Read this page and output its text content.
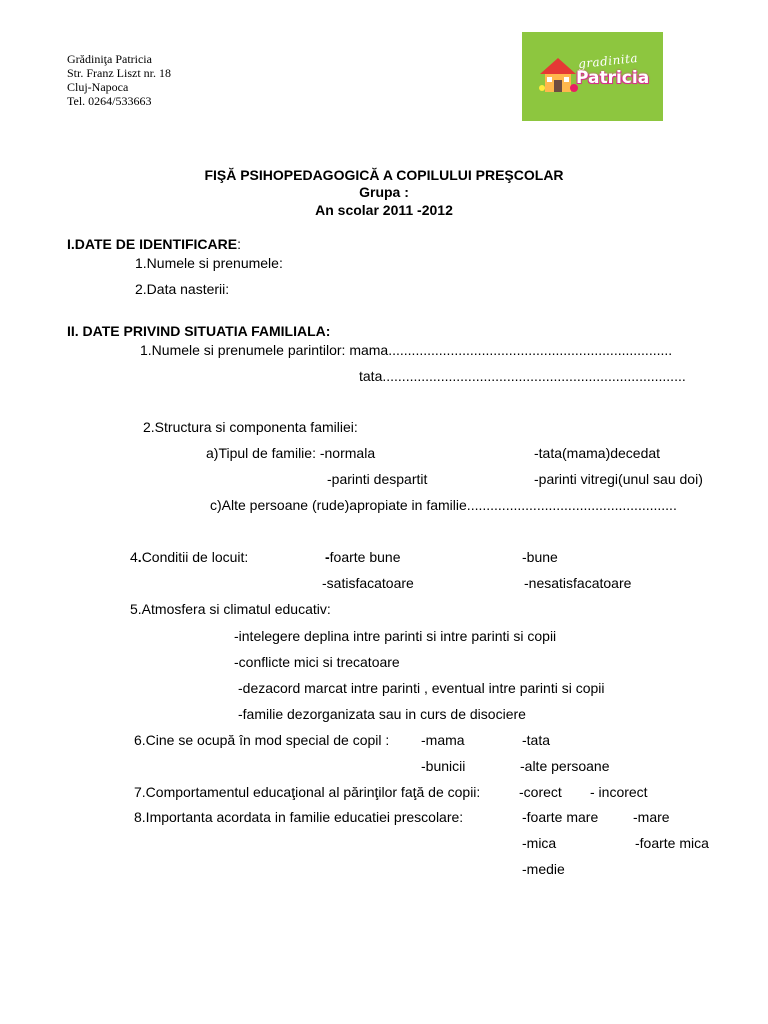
Grădiniţa Patricia
Str. Franz Liszt nr. 18
Cluj-Napoca
Tel. 0264/533663
gradinita
Patricia
FIŞĂ PSIHOPEDAGOGICĂ A COPILULUI PREŞCOLAR
Grupa :
An scolar 2011 -2012
I.DATE DE IDENTIFICARE:
1.Numele si prenumele:
2.Data nasterii:
II. DATE PRIVIND SITUATIA FAMILIALA:
1.Numele si prenumele parintilor: mama.........................................................................
tata..............................................................................
2.Structura si componenta familiei:
a)Tipul de familie: -normala	-tata(mama)decedat
-parinti despartit	-parinti vitregi(unul sau doi)
c)Alte persoane (rude)apropiate in familie......................................................
4.Conditii de locuit:	-foarte bune	-bune
-satisfacatoare	-nesatisfacatoare
5.Atmosfera si climatul educativ:
-intelegere deplina intre parinti si intre parinti si copii
-conflicte mici si trecatoare
-dezacord marcat intre parinti , eventual intre parinti si copii
-familie dezorganizata sau in curs de disociere
6.Cine se ocupă în mod special de copil : -mama	-tata
-bunicii	-alte persoane
7.Comportamentul educaţional al părinţilor faţă de copii:	-corect - incorect
8.Importanta acordata in familie educatiei prescolare:	-foarte mare -mare
-mica	-foarte mica
-medie
